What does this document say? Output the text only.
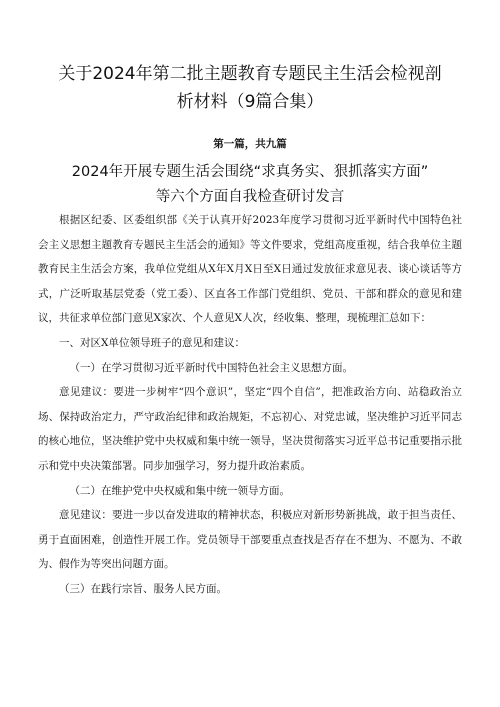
关于2024年第二批主题教育专题民主生活会检视剖
析材料（9篇合集）
第一篇，共九篇
2024年开展专题生活会围绕“求真务实、狠抓落实方面”
等六个方面自我检查研讨发言

根据区纪委、区委组织部《关于认真开好2023年度学习贯彻习近平新时代中国特色社会主义思想主题教育专题民主生活会的通知》等文件要求，党组高度重视，结合我单位主题教育民主生活会方案，我单位党组从X年X月X日至X日通过发放征求意见表、谈心谈话等方式，广泛听取基层党委（党工委）、区直各工作部门党组织、党员、干部和群众的意见和建议，共征求单位部门意见X家次、个人意见X人次，经收集、整理，现梳理汇总如下：

一、对区X单位领导班子的意见和建议：

（一）在学习贯彻习近平新时代中国特色社会主义思想方面。

意见建议：要进一步树牢“四个意识”，坚定“四个自信”，把准政治方向、站稳政治立场、保持政治定力，严守政治纪律和政治规矩，不忘初心、对党忠诚，坚决维护习近平同志的核心地位，坚决维护党中央权威和集中统一领导，坚决贯彻落实习近平总书记重要指示批示和党中央决策部署。同步加强学习，努力提升政治素质。

（二）在维护党中央权威和集中统一领导方面。

意见建议：要进一步以奋发进取的精神状态，积极应对新形势新挑战，敢于担当责任、勇于直面困难，创造性开展工作。党员领导干部要重点查找是否存在不想为、不愿为、不敢为、假作为等突出问题方面。

（三）在践行宗旨、服务人民方面。
